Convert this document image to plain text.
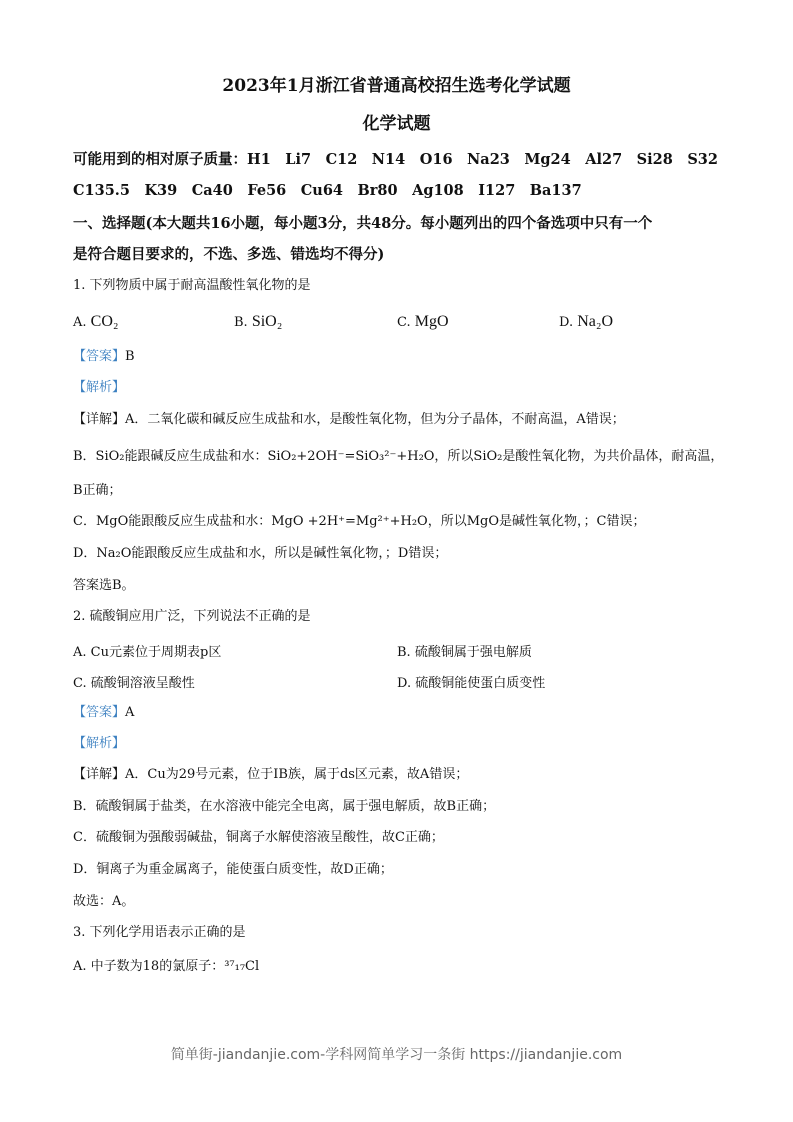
2023年1月浙江省普通高校招生选考化学试题
化学试题
可能用到的相对原子质量：H1　Li7　C12　N14　O16　Na23　Mg24　Al27　Si28　S32
C135.5　K39　Ca40　Fe56　Cu64　Br80　Ag108　I127　Ba137
一、选择题(本大题共16小题，每小题3分，共48分。每小题列出的四个备选项中只有一个
是符合题目要求的，不选、多选、错选均不得分)
1. 下列物质中属于耐高温酸性氧化物的是
A. CO₂	B. SiO₂	C. MgO	D. Na₂O
【答案】B
【解析】
【详解】A．二氧化碳和碱反应生成盐和水，是酸性氧化物，但为分子晶体，不耐高温，A错误；
B．SiO₂能跟碱反应生成盐和水：SiO₂+2OH⁻=SiO₃²⁻+H₂O，所以SiO₂是酸性氧化物，为共价晶体，耐高温，
B正确；
C．MgO能跟酸反应生成盐和水：MgO +2H⁺=Mg²⁺+H₂O，所以MgO是碱性氧化物，；C错误；
D．Na₂O能跟酸反应生成盐和水，所以是碱性氧化物，；D错误；
答案选B。
2. 硫酸铜应用广泛，下列说法不正确的是
A. Cu元素位于周期表p区	B. 硫酸铜属于强电解质
C. 硫酸铜溶液呈酸性	D. 硫酸铜能使蛋白质变性
【答案】A
【解析】
【详解】A．Cu为29号元素，位于IB族，属于ds区元素，故A错误；
B．硫酸铜属于盐类，在水溶液中能完全电离，属于强电解质，故B正确；
C．硫酸铜为强酸弱碱盐，铜离子水解使溶液呈酸性，故C正确；
D．铜离子为重金属离子，能使蛋白质变性，故D正确；
故选：A。
3. 下列化学用语表示正确的是
A. 中子数为18的氯原子：³⁷₁₇Cl
简单街-jiandanjie.com-学科网简单学习一条街 https://jiandanjie.com
